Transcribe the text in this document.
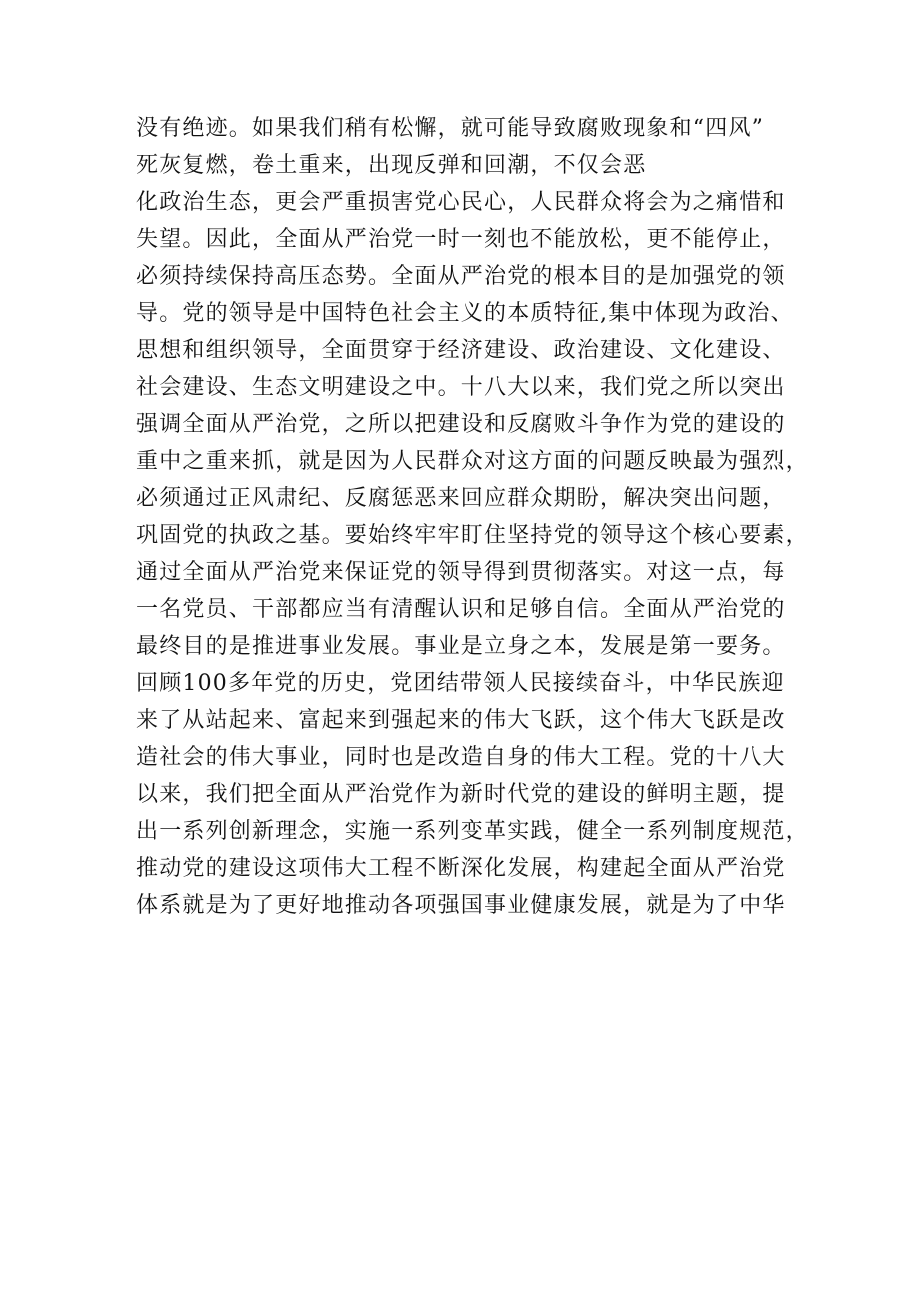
没有绝迹。如果我们稍有松懈，就可能导致腐败现象和“四风”
死灰复燃，卷土重来，出现反弹和回潮，不仅会恶
化政治生态，更会严重损害党心民心，人民群众将会为之痛惜和
失望。因此，全面从严治党一时一刻也不能放松，更不能停止，
必须持续保持高压态势。全面从严治党的根本目的是加强党的领
导。党的领导是中国特色社会主义的本质特征,集中体现为政治、
思想和组织领导，全面贯穿于经济建设、政治建设、文化建设、
社会建设、生态文明建设之中。十八大以来，我们党之所以突出
强调全面从严治党，之所以把建设和反腐败斗争作为党的建设的
重中之重来抓，就是因为人民群众对这方面的问题反映最为强烈，
必须通过正风肃纪、反腐惩恶来回应群众期盼，解决突出问题，
巩固党的执政之基。要始终牢牢盯住坚持党的领导这个核心要素，
通过全面从严治党来保证党的领导得到贯彻落实。对这一点，每
一名党员、干部都应当有清醒认识和足够自信。全面从严治党的
最终目的是推进事业发展。事业是立身之本，发展是第一要务。
回顾100多年党的历史，党团结带领人民接续奋斗，中华民族迎
来了从站起来、富起来到强起来的伟大飞跃，这个伟大飞跃是改
造社会的伟大事业，同时也是改造自身的伟大工程。党的十八大
以来，我们把全面从严治党作为新时代党的建设的鲜明主题，提
出一系列创新理念，实施一系列变革实践，健全一系列制度规范，
推动党的建设这项伟大工程不断深化发展，构建起全面从严治党
体系就是为了更好地推动各项强国事业健康发展，就是为了中华
